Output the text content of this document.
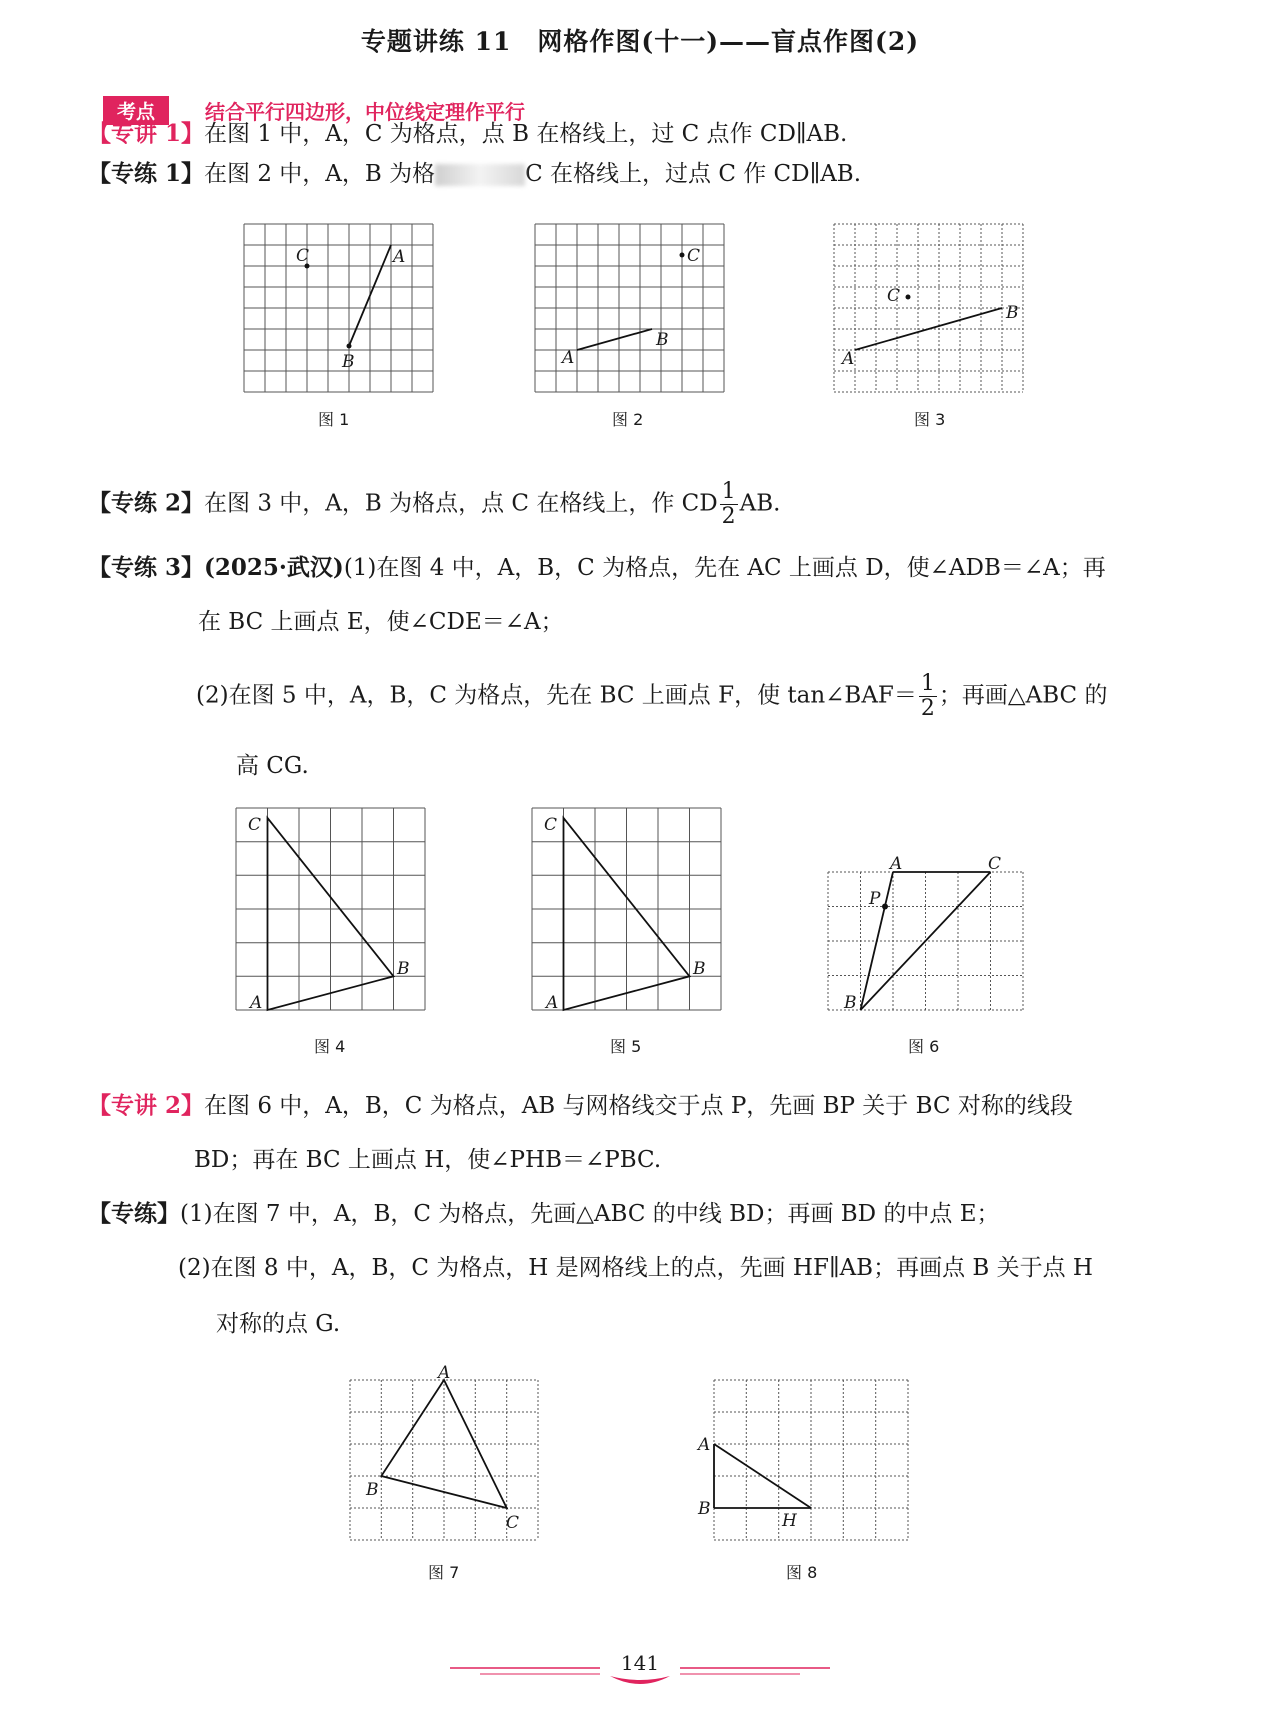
专题讲练 11　网格作图(十一)——盲点作图(2)
考点	结合平行四边形，中位线定理作平行
【专讲 1】在图 1 中，A，C 为格点，点 B 在格线上，过 C 点作 CD∥AB.
【专练 1】在图 2 中，A，B 为格	C 在格线上，过点 C 作 CD∥AB.
C	A
B
图 1
C
A
B
图 2
C
A
B
图 3
【专练 2】在图 3 中，A，B 为格点，点 C 在格线上，作 CD $\frac{1}{2}$ AB.
【专练 3】(2025·武汉)(1)在图 4 中，A，B，C 为格点，先在 AC 上画点 D，使∠ADB＝∠A；再
在 BC 上画点 E，使∠CDE＝∠A；
(2)在图 5 中，A，B，C 为格点，先在 BC 上画点 F，使 tan∠BAF＝ $\frac{1}{2}$ ；再画△ABC 的
高 CG.
C
A
B
图 4
C
A
B
图 5
A	C
P
B
图 6
【专讲 2】在图 6 中，A，B，C 为格点，AB 与网格线交于点 P，先画 BP 关于 BC 对称的线段
BD；再在 BC 上画点 H，使∠PHB＝∠PBC.
【专练】(1)在图 7 中，A，B，C 为格点，先画△ABC 的中线 BD；再画 BD 的中点 E；
(2)在图 8 中，A，B，C 为格点，H 是网格线上的点，先画 HF∥AB；再画点 B 关于点 H
对称的点 G.
A
B
C
图 7
A
B
H
图 8
141
